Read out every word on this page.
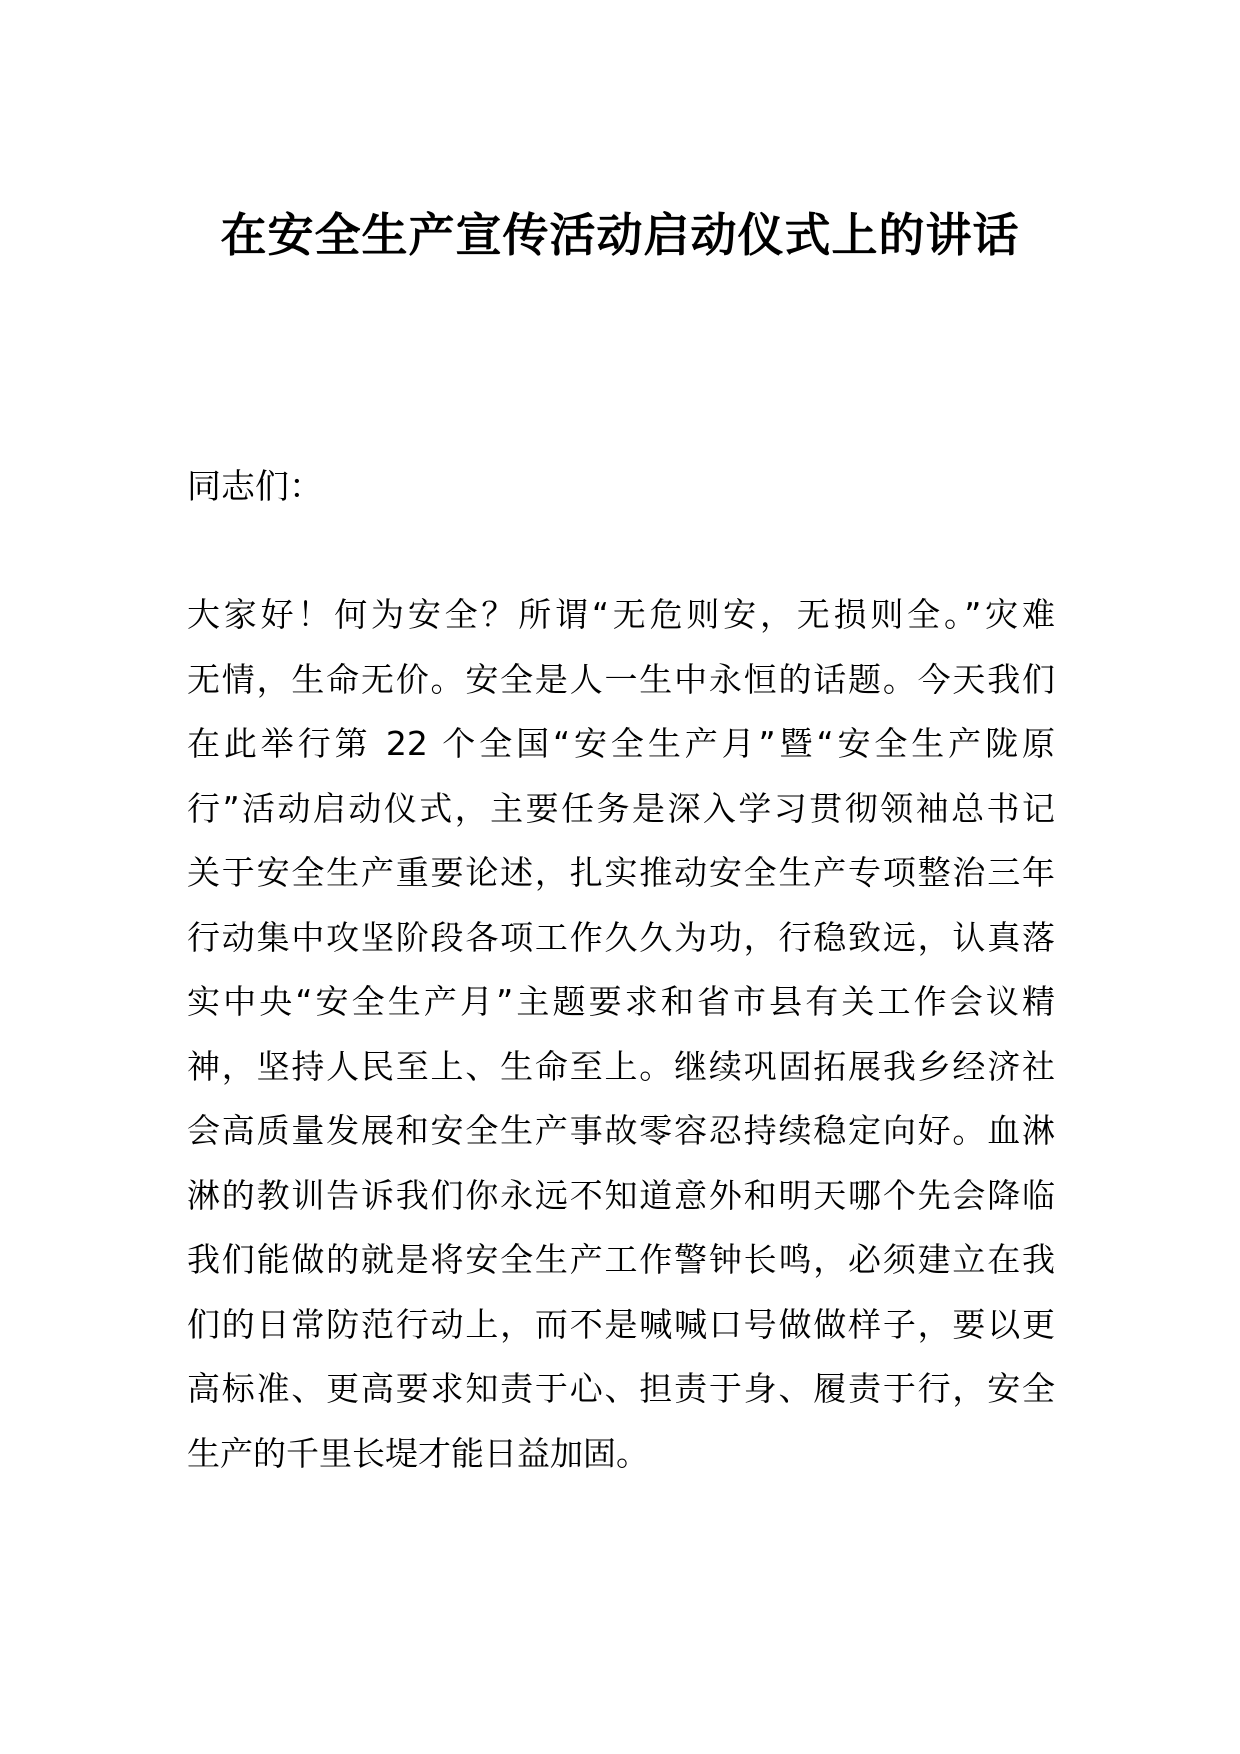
在安全生产宣传活动启动仪式上的讲话

同志们：

大家好！何为安全？所谓“无危则安，无损则全。”灾难
无情，生命无价。安全是人一生中永恒的话题。今天我们
在此举行第 22 个全国“安全生产月”暨“安全生产陇原
行”活动启动仪式，主要任务是深入学习贯彻领袖总书记
关于安全生产重要论述，扎实推动安全生产专项整治三年
行动集中攻坚阶段各项工作久久为功，行稳致远，认真落
实中央“安全生产月”主题要求和省市县有关工作会议精
神，坚持人民至上、生命至上。继续巩固拓展我乡经济社
会高质量发展和安全生产事故零容忍持续稳定向好。血淋
淋的教训告诉我们你永远不知道意外和明天哪个先会降临
我们能做的就是将安全生产工作警钟长鸣，必须建立在我
们的日常防范行动上，而不是喊喊口号做做样子，要以更
高标准、更高要求知责于心、担责于身、履责于行，安全
生产的千里长堤才能日益加固。
